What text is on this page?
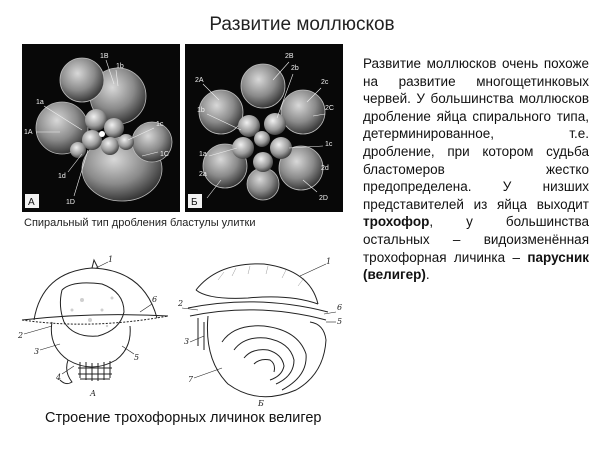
Развитие моллюсков
1B
1b
1a
1A
1c
1C
1D
1d
А
2B
2b
2A
1b
2c
2C
1a
1c
2a
2d
2D
Б
Спиральный тип дробления бластулы улитки
Развитие моллюсков очень похоже на развитие многощетинковых червей. У большинства моллюсков дробление яйца спирального типа, детерминированное, т.е. дробление, при котором судьба бластомеров жестко предопределена. У низших представителей из яйца выходит трохофор, у большинства остальных – видоизменённая трохофорная личинка – парусник (велигер).
1
2
3
4
5
6
А
1
2
3
5
6
7
Б
Строение трохофорных личинок велигер
